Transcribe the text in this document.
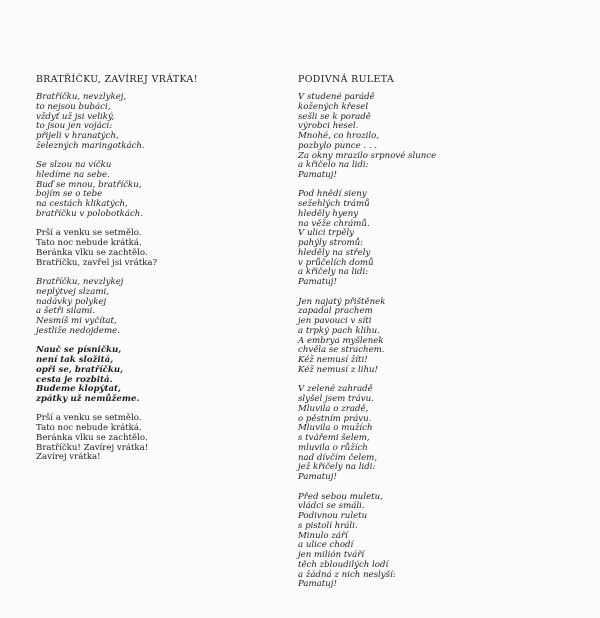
BRATŘÍČKU, ZAVÍREJ VRÁTKA!
Bratříčku, nevzlykej,
to nejsou bubáci,
vždyť už jsi veliký,
to jsou jen vojáci:
přijeli v hranatých,
železných maringotkách.
Se slzou na víčku
hledíme na sebe.
Buď se mnou, bratříčku,
bojím se o tebe
na cestách klikatých,
bratříčku v polobotkách.
Prší a venku se setmělo.
Tato noc nebude krátká.
Beránka vlku se zachtělo.
Bratříčku, zavřel jsi vrátka?
Bratříčku, nevzlykej
neplýtvej slzami,
nadávky polykej
a šetři silami.
Nesmíš mi vyčítat,
jestliže nedojdeme.
Nauč se písničku,
není tak složitá,
opři se, bratříčku,
cesta je rozbitá.
Budeme klopýtat,
zpátky už nemůžeme.
Prší a venku se setmělo.
Tato noc nebude krátká.
Beránka vlku se zachtělo.
Bratříčku! Zavírej vrátka!
Zavírej vrátka!
PODIVNÁ RULETA
V studené parádě
kožených křesel
sešli se k poradě
výrobci hesel.
Mnohé, co hrozilo,
pozbylo punce . . .
Za okny mrazilo srpnové slunce
a křičelo na lidi:
Pamatuj!
Pod hnědí sieny
sežehlých trámů
hleděly hyeny
na věže chrámů.
V ulici trpěly
pahýly stromů:
hleděly na střely
v průčelích domů
a křičely na lidi:
Pamatuj!
Jen najatý přištěnek
zapadal prachem
jen pavouci v síti
a trpký pach klihu.
A embrya myšlenek
chvěla se strachem.
Kéž nemusí žíti!
Kéž nemusí z lihu!
V zelené zahradě
slyšel jsem trávu.
Mluvila o zradě,
o pěstním právu.
Mluvila o mužích
s tvářemi šelem,
mluvila o růžích
nad dívčím čelem,
jež křičely na lidi:
Pamatuj!
Před sebou muletu,
vládci se smáli.
Podivnou ruletu
s pistolí hráli.
Minulo září
a ulice chodí
jen milión tváří
těch zbloudilých lodí
a žádná z nich neslyší:
Pamatuj!
